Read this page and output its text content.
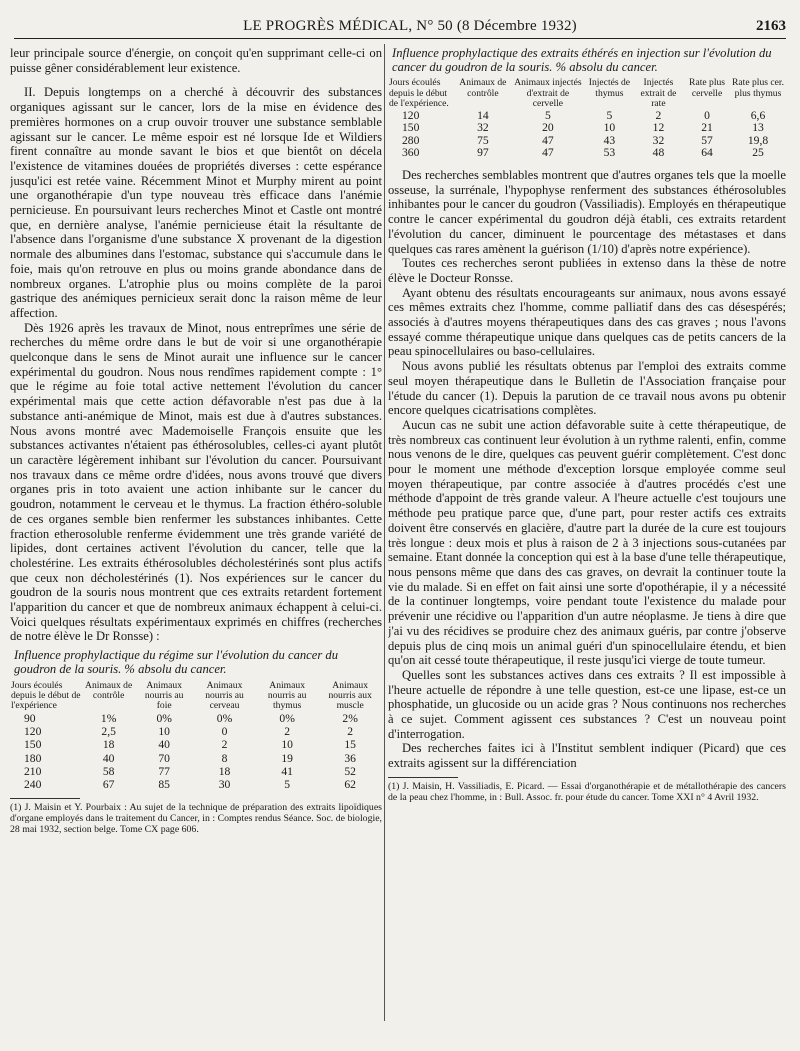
LE PROGRÈS MÉDICAL, N° 50 (8 Décembre 1932)	2163

leur principale source d'énergie, on conçoit qu'en supprimant celle-ci on puisse gêner considérablement leur existence.

II. Depuis longtemps on a cherché à découvrir des substances organiques agissant sur le cancer, lors de la mise en évidence des premières hormones on a crup ouvoir trouver une substance semblable agissant sur le cancer. Le même espoir est né lorsque Ide et Wildiers firent connaître au monde savant le bios et que bientôt on décela l'existence de vitamines douées de propriétés diverses : cette espérance jusqu'ici est retée vaine. Récemment Minot et Murphy mirent au point une organothérapie d'un type nouveau très efficace dans l'anémie pernicieuse. En poursuivant leurs recherches Minot et Castle ont montré que, en dernière analyse, l'anémie pernicieuse était la résultante de l'absence dans l'organisme d'une substance X provenant de la digestion normale des albumines dans l'estomac, substance qui s'accumule dans le foie, mais qu'on retrouve en plus ou moins grande abondance dans de nombreux organes. L'atrophie plus ou moins complète de la paroi gastrique des anémiques pernicieux serait donc la raison même de leur affection.

Dès 1926 après les travaux de Minot, nous entreprîmes une série de recherches du même ordre dans le but de voir si une organothérapie quelconque dans le sens de Minot aurait une influence sur le cancer expérimental du goudron. Nous nous rendîmes rapidement compte : 1° que le régime au foie total active nettement l'évolution du cancer expérimental mais que cette action défavorable n'est pas due à la substance anti-anémique de Minot, mais est due à d'autres substances. Nous avons montré avec Mademoiselle François ensuite que les substances activantes n'étaient pas éthérosolubles, celles-ci ayant plutôt un caractère légèrement inhibant sur l'évolution du cancer. Poursuivant nos travaux dans ce même ordre d'idées, nous avons trouvé que divers organes pris in toto avaient une action inhibante sur le cancer du goudron, notamment le cerveau et le thymus. La fraction éthéro-soluble de ces organes semble bien renfermer les substances inhibantes. Cette fraction etherosoluble renferme évidemment une très grande variété de lipides, dont certaines activent l'évolution du cancer, telle que la cholestérine. Les extraits éthérosolubles décholestérinés sont plus actifs que ceux non décholestérinés (1). Nos expériences sur le cancer du goudron de la souris nous montrent que ces extraits retardent fortement l'apparition du cancer et que de nombreux animaux échappent à celui-ci. Voici quelques résultats expérimentaux exprimés en chiffres (recherches de notre élève le Dr Ronsse) :

Influence prophylactique du régime sur l'évolution du cancer du goudron de la souris. % absolu du cancer.
Jours écoulés depuis le début de l'expérience	Animaux de contrôle	Animaux nourris au foie	Animaux nourris au cerveau	Animaux nourris au thymus	Animaux nourris aux muscle
90	1%	0%	0%	0%	2%
120	2,5	10	0	2	2
150	18	40	2	10	15
180	40	70	8	19	36
210	58	77	18	41	52
240	67	85	30	5	62

(1) J. Maisin et Y. Pourbaix : Au sujet de la technique de préparation des extraits lipoïdiques d'organe employés dans le traitement du Cancer, in : Comptes rendus Séance. Soc. de biologie, 28 mai 1932, section belge. Tome CX page 606.

Influence prophylactique des extraits éthérés en injection sur l'évolution du cancer du goudron de la souris. % absolu du cancer.
Jours écoulés depuis le début de l'expérience.	Animaux de contrôle	Animaux injectés d'extrait de cervelle	Injectés de thymus	Injectés extrait de rate	Rate plus cervelle	Rate plus cer. plus thymus
120	14	5	5	2	0	6,6
150	32	20	10	12	21	13
280	75	47	43	32	57	19,8
360	97	47	53	48	64	25

Des recherches semblables montrent que d'autres organes tels que la moelle osseuse, la surrénale, l'hypophyse renferment des substances éthérosolubles inhibantes pour le cancer du goudron (Vassiliadis). Employés en thérapeutique contre le cancer expérimental du goudron déjà établi, ces extraits retardent l'évolution du cancer, diminuent le pourcentage des métastases et dans quelques cas rares amènent la guérison (1/10) d'après notre expérience).

Toutes ces recherches seront publiées in extenso dans la thèse de notre élève le Docteur Ronsse.

Ayant obtenu des résultats encourageants sur animaux, nous avons essayé ces mêmes extraits chez l'homme, comme palliatif dans des cas désespérés; associés à d'autres moyens thérapeutiques dans des cas graves ; nous l'avons essayé comme thérapeutique unique dans quelques cas de petits cancers de la peau spinocellulaires ou baso-cellulaires.

Nous avons publié les résultats obtenus par l'emploi des extraits comme seul moyen thérapeutique dans le Bulletin de l'Association française pour l'étude du cancer (1). Depuis la parution de ce travail nous avons pu obtenir encore quelques cicatrisations complètes.

Aucun cas ne subit une action défavorable suite à cette thérapeutique, de très nombreux cas continuent leur évolution à un rythme ralenti, enfin, comme nous venons de le dire, quelques cas peuvent guérir complètement. C'est donc pour le moment une méthode d'exception lorsque employée comme seul moyen thérapeutique, par contre associée à d'autres procédés c'est une méthode d'appoint de très grande valeur. A l'heure actuelle c'est toujours une méthode peu pratique parce que, d'une part, pour rester actifs ces extraits doivent être conservés en glacière, d'autre part la durée de la cure est toujours très longue : deux mois et plus à raison de 2 à 3 injections sous-cutanées par semaine. Etant donnée la conception qui est à la base d'une telle thérapeutique, nous pensons même que dans des cas graves, on devrait la continuer toute la vie du malade. Si en effet on fait ainsi une sorte d'opothérapie, il y a nécessité de la continuer longtemps, voire pendant toute l'existence du malade pour prévenir une récidive ou l'apparition d'un autre néoplasme. Je tiens à dire que j'ai vu des récidives se produire chez des animaux guéris, par contre j'observe depuis plus de cinq mois un animal guéri d'un spinocellulaire étendu, et bien qu'on ait cessé toute thérapeutique, il reste jusqu'ici vierge de toute tumeur.

Quelles sont les substances actives dans ces extraits ? Il est impossible à l'heure actuelle de répondre à une telle question, est-ce une lipase, est-ce un phosphatide, un glucoside ou un acide gras ? Nous continuons nos recherches à ce sujet. Comment agissent ces substances ? C'est un nouveau point d'interrogation.

Des recherches faites ici à l'Institut semblent indiquer (Picard) que ces extraits agissent sur la différenciation

(1) J. Maisin, H. Vassiliadis, E. Picard. — Essai d'organothérapie et de métallothérapie des cancers de la peau chez l'homme, in : Bull. Assoc. fr. pour étude du cancer. Tome XXI n° 4 Avril 1932.
